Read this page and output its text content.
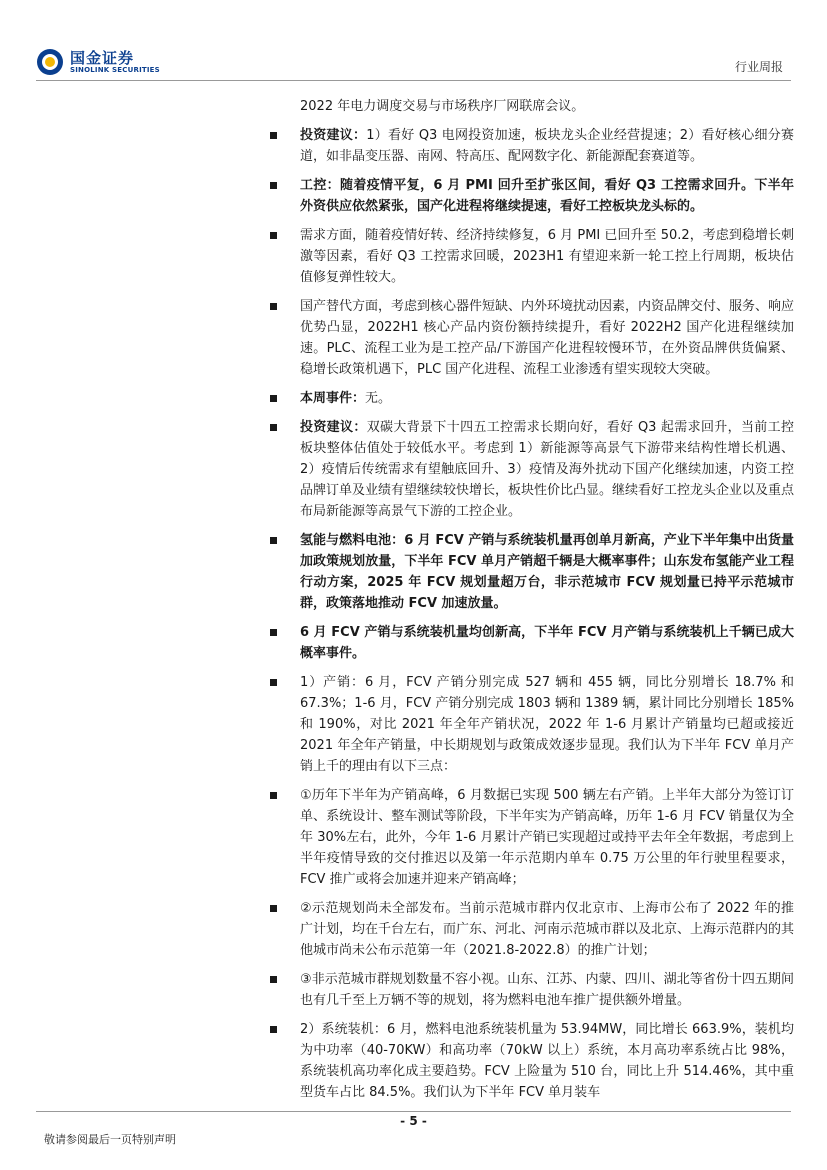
国金证券
SINOLINK SECURITIES	行业周报
2022 年电力调度交易与市场秩序厂网联席会议。
投资建议：1）看好 Q3 电网投资加速，板块龙头企业经营提速；2）看好核心细分赛道，如非晶变压器、南网、特高压、配网数字化、新能源配套赛道等。
工控：随着疫情平复，6 月 PMI 回升至扩张区间，看好 Q3 工控需求回升。下半年外资供应依然紧张，国产化进程将继续提速，看好工控板块龙头标的。
需求方面，随着疫情好转、经济持续修复，6 月 PMI 已回升至 50.2，考虑到稳增长刺激等因素，看好 Q3 工控需求回暖，2023H1 有望迎来新一轮工控上行周期，板块估值修复弹性较大。
国产替代方面，考虑到核心器件短缺、内外环境扰动因素，内资品牌交付、服务、响应优势凸显，2022H1 核心产品内资份额持续提升，看好 2022H2 国产化进程继续加速。PLC、流程工业为是工控产品/下游国产化进程较慢环节，在外资品牌供货偏紧、稳增长政策机遇下，PLC 国产化进程、流程工业渗透有望实现较大突破。
本周事件：无。
投资建议：双碳大背景下十四五工控需求长期向好，看好 Q3 起需求回升，当前工控板块整体估值处于较低水平。考虑到 1）新能源等高景气下游带来结构性增长机遇、2）疫情后传统需求有望触底回升、3）疫情及海外扰动下国产化继续加速，内资工控品牌订单及业绩有望继续较快增长，板块性价比凸显。继续看好工控龙头企业以及重点布局新能源等高景气下游的工控企业。
氢能与燃料电池：6 月 FCV 产销与系统装机量再创单月新高，产业下半年集中出货量加政策规划放量，下半年 FCV 单月产销超千辆是大概率事件；山东发布氢能产业工程行动方案，2025 年 FCV 规划量超万台，非示范城市 FCV 规划量已持平示范城市群，政策落地推动 FCV 加速放量。
6 月 FCV 产销与系统装机量均创新高，下半年 FCV 月产销与系统装机上千辆已成大概率事件。
1）产销：6 月，FCV 产销分别完成 527 辆和 455 辆，同比分别增长 18.7% 和 67.3%；1-6 月，FCV 产销分别完成 1803 辆和 1389 辆，累计同比分别增长 185%和 190%，对比 2021 年全年产销状况，2022 年 1-6 月累计产销量均已超或接近 2021 年全年产销量，中长期规划与政策成效逐步显现。我们认为下半年 FCV 单月产销上千的理由有以下三点：
①历年下半年为产销高峰，6 月数据已实现 500 辆左右产销。上半年大部分为签订订单、系统设计、整车测试等阶段，下半年实为产销高峰，历年 1-6 月 FCV 销量仅为全年 30%左右，此外，今年 1-6 月累计产销已实现超过或持平去年全年数据，考虑到上半年疫情导致的交付推迟以及第一年示范期内单车 0.75 万公里的年行驶里程要求，FCV 推广或将会加速并迎来产销高峰；
②示范规划尚未全部发布。当前示范城市群内仅北京市、上海市公布了 2022 年的推广计划，均在千台左右，而广东、河北、河南示范城市群以及北京、上海示范群内的其他城市尚未公布示范第一年（2021.8-2022.8）的推广计划；
③非示范城市群规划数量不容小视。山东、江苏、内蒙、四川、湖北等省份十四五期间也有几千至上万辆不等的规划，将为燃料电池车推广提供额外增量。
2）系统装机：6 月，燃料电池系统装机量为 53.94MW，同比增长 663.9%，装机均为中功率（40-70KW）和高功率（70kW 以上）系统，本月高功率系统占比 98%，系统装机高功率化成主要趋势。FCV 上险量为 510 台，同比上升 514.46%，其中重型货车占比 84.5%。我们认为下半年 FCV 单月装车
- 5 -
敬请参阅最后一页特别声明
